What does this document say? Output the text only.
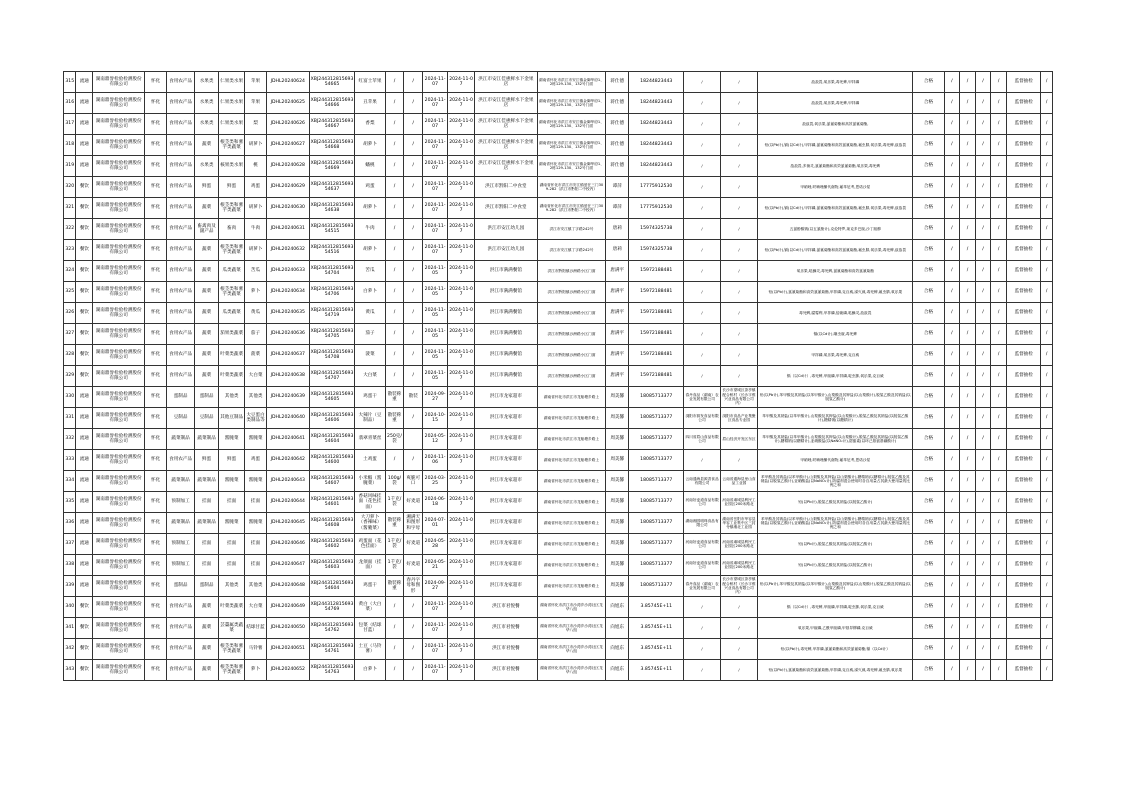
315	流通	湖南鼎誉检验检测股份有限公司	怀化	食用农产品	水果类	仁果类水果	苹果	JDHL20240624	XBJ24431281569354665	红富士苹果	/	/	2024-11-07	2024-11-07	洪江市安江佳惠鲜水下金果店	湖南省怀化市洪江市安江镇金御华府1、2栋129-130、132号门面	蒋仕德	18244823443	/	/	敌敌畏,氧乐果,毒死蜱,甲拌磷	合格	/	/	/	/	监督抽检	/
316	流通	湖南鼎誉检验检测股份有限公司	怀化	食用农产品	水果类	仁果类水果	苹果	JDHL20240625	XBJ24431281569354666	丑苹果	/	/	2024-11-07	2024-11-07	洪江市安江佳惠鲜水下金果店	湖南省怀化市洪江市安江镇金御华府1、2栋129-130、132号门面	蒋仕德	18244823443	/	/	敌敌畏,氧乐果,毒死蜱,甲拌磷	合格	/	/	/	/	监督抽检	/
317	流通	湖南鼎誉检验检测股份有限公司	怀化	食用农产品	水果类	仁果类水果	梨	JDHL20240626	XBJ24431281569354667	香梨	/	/	2024-11-07	2024-11-07	洪江市安江佳惠鲜水下金果店	湖南省怀化市洪江市安江镇金御华府1、2栋129-130、132号门面	蒋仕德	18244823443	/	/	敌敌畏,氧乐果,氯氰菊酯和高效氯氰菊酯,	合格	/	/	/	/	监督抽检	/
318	流通	湖南鼎誉检验检测股份有限公司	怀化	食用农产品	蔬菜	根茎类和薯芋类蔬菜	胡萝卜	JDHL20240627	XBJ24431281569354668	胡萝卜	/	/	2024-11-07	2024-11-07	洪江市安江佳惠鲜水下金果店	湖南省怀化市洪江市安江镇金御华府1、2栋129-130、132号门面	蒋仕德	18244823443	/	/	铅(以Pb计),镉(以Cd计),甲拌磷,氯氰菊酯和高效氯氰菊酯,氟虫腈,氧乐果,毒死蜱,敌敌畏	合格	/	/	/	/	监督抽检	/
319	流通	湖南鼎誉检验检测股份有限公司	怀化	食用农产品	水果类	核果类水果	桃	JDHL20240628	XBJ24431281569354669	蟠桃	/	/	2024-11-07	2024-11-07	洪江市安江佳惠鲜水下金果店	湖南省怀化市洪江市安江镇金御华府1、2栋129-130、132号门面	蒋仕德	18244823443	/	/	敌敌畏,多菌灵,氯氰菊酯和高效氯氰菊酯,氧乐果,毒死蜱	合格	/	/	/	/	监督抽检	/
320	餐饮	湖南鼎誉检验检测股份有限公司	怀化	食用农产品	鲜蛋	鲜蛋	鸡蛋	JDHL20240629	XBJ24431281569354637	鸡蛋	/	/	2024-11-07	2024-11-07	洪江市黔阳二中食堂	湖南省怀化市洪江市安江镇爱在三门309-282（洪江市黔阳二中校内）	谭萍	17775912530	/	/	甲硝唑,呋喃唑酮代谢物,氟苯尼考,恩诺沙星	合格	/	/	/	/	监督抽检	/
321	餐饮	湖南鼎誉检验检测股份有限公司	怀化	食用农产品	蔬菜	根茎类和薯芋类蔬菜	胡萝卜	JDHL20240630	XBJ24431281569354638	胡萝卜	/	/	2024-11-07	2024-11-07	洪江市黔阳二中食堂	湖南省怀化市洪江市安江镇爱在三门309-282（洪江市黔阳二中校内）	谭萍	17775912530	/	/	铅(以Pb计),镉(以Cd计),甲拌磷,氯氰菊酯和高效氯氰菊酯,氟虫腈,氧乐果,毒死蜱,敌敌畏	合格	/	/	/	/	监督抽检	/
322	餐饮	湖南鼎誉检验检测股份有限公司	怀化	食用农产品	畜禽肉及副产品	畜肉	牛肉	JDHL20240631	XBJ24431281569354515	牛肉	/	/	2024-11-07	2024-11-07	洪江市安江幼儿园	洪江市安江镇丁字路242号	唐莉	15974325738	/	/	五氯酚酸钠(以五氯酚计),克伦特罗,莱克多巴胺,沙丁胺醇	合格	/	/	/	/	监督抽检	/
323	餐饮	湖南鼎誉检验检测股份有限公司	怀化	食用农产品	蔬菜	根茎类和薯芋类蔬菜	胡萝卜	JDHL20240632	XBJ24431281569354516	胡萝卜	/	/	2024-11-07	2024-11-07	洪江市安江幼儿园	洪江市安江镇丁字路242号	唐莉	15974325738	/	/	铅(以Pb计),镉(以Cd计),甲拌磷,氯氰菊酯和高效氯氰菊酯,氟虫腈,氧乐果,毒死蜱,敌敌畏	合格	/	/	/	/	监督抽检	/
324	餐饮	湖南鼎誉检验检测股份有限公司	怀化	食用农产品	蔬菜	瓜类蔬菜	苦瓜	JDHL20240633	XBJ24431281569354704	苦瓜	/	/	2024-11-05	2024-11-07	洪江市满满餐馆	洪江市黔阳镇沙洲路小区门面	唐满平	15972188481	/	/	氧乐果,哒螨灵,毒死蜱,氯氰菊酯和高效氯氰菊酯	合格	/	/	/	/	监督抽检	/
325	餐饮	湖南鼎誉检验检测股份有限公司	怀化	食用农产品	蔬菜	根茎类和薯芋类蔬菜	萝卜	JDHL20240634	XBJ24431281569354706	白萝卜	/	/	2024-11-05	2024-11-07	洪江市满满餐馆	洪江市黔阳镇沙洲路小区门面	唐满平	15972188481	/	/	铅(以Pb计),氯氰菊酯和高效氯氰菊酯,甲拌磷,克百威,涕灭威,毒死蜱,氟虫腈,氧乐果	合格	/	/	/	/	监督抽检	/
326	餐饮	湖南鼎誉检验检测股份有限公司	怀化	食用农产品	蔬菜	瓜类蔬菜	黄瓜	JDHL20240635	XBJ24431281569354719	黄瓜	/	/	2024-11-05	2024-11-07	洪江市满满餐馆	洪江市黔阳镇沙洲路小区门面	唐满平	15972188481	/	/	毒死蜱,腐霉利,甲拌磷,倍硫磷,哒螨灵,敌敌畏	合格	/	/	/	/	监督抽检	/
327	餐饮	湖南鼎誉检验检测股份有限公司	怀化	食用农产品	蔬菜	茄果类蔬菜	茄子	JDHL20240636	XBJ24431281569354705	茄子	/	/	2024-11-05	2024-11-07	洪江市满满餐馆	洪江市黔阳镇沙洲路小区门面	唐满平	15972188481	/	/	镉(以Cd计),噻虫胺,毒死蜱	合格	/	/	/	/	监督抽检	/
328	餐饮	湖南鼎誉检验检测股份有限公司	怀化	食用农产品	蔬菜	叶菜类蔬菜	菠菜	JDHL20240637	XBJ24431281569354708	菠菜	/	/	2024-11-05	2024-11-07	洪江市满满餐馆	洪江市黔阳镇沙洲路小区门面	唐满平	15972188481	/	/	甲拌磷,氧乐果,毒死蜱,克百威	合格	/	/	/	/	监督抽检	/
329	餐饮	湖南鼎誉检验检测股份有限公司	怀化	食用农产品	蔬菜	叶菜类蔬菜	大白菜	JDHL20240638	XBJ24431281569354707	大白菜	/	/	2024-11-05	2024-11-07	洪江市满满餐馆	洪江市黔阳镇沙洲路小区门面	唐满平	15972188481	/	/	镉（以Cd计）,毒死蜱,甲胺磷,甲拌磷,啶虫脒,氧乐果,克百威	合格	/	/	/	/	监督抽检	/
330	流通	湖南鼎誉检验检测股份有限公司	怀化	蛋制品	蛋制品	其他类	其他类	JDHL20240639	XBJ24431281569354605	鸡蛋干	散装称重	散装	2024-09-27	2024-11-07	洪江市龙家超市	湖南省怀化市洪江市龙船塘乡路上	周美馨	18085713377	春丹食品（湖南）农业发展有限公司	长沙市望城区茶亭镇配合桥村（长沙宇维兴业食品有限公司内）	铅(以Pb计),苯甲酸及其钠盐(以苯甲酸计),山梨酸及其钾盐(以山梨酸计),脱氢乙酸及其钠盐(以脱氢乙酸计)	合格	/	/	/	/	监督抽检	/
331	流通	湖南鼎誉检验检测股份有限公司	怀化	豆制品	豆制品	其他豆制品	大豆蛋白类制品等	JDHL20240640	XBJ24431281569354606	大辣片（豆制品）	散装称重	/	2024-10-15	2024-11-07	洪江市龙家超市	湖南省怀化市洪江市龙船塘乡路上	周美馨	18085713377	浏阳市源发食品有限公司	浏阳市食品产业集聚区食品专业园	苯甲酸及其钠盐(以苯甲酸计),山梨酸及其钾盐(以山梨酸计),脱氢乙酸及其钠盐(以脱氢乙酸计),糖精钠(以糖精计)	合格	/	/	/	/	监督抽检	/
332	流通	湖南鼎誉检验检测股份有限公司	怀化	蔬菜制品	蔬菜制品	酱腌菜	酱腌菜	JDHL20240641	XBJ24431281569354604	翡翠青菜丝	250克/袋		2024-05-12	2024-11-07	洪江市龙家超市	湖南省怀化市洪江市龙船塘乡路上	周美馨	18085713377	四川省眉山食品有限公司	眉山经济开发区东区	苯甲酸及其钠盐(以苯甲酸计),山梨酸及其钾盐(以山梨酸计),脱氢乙酸及其钠盐(以脱氢乙酸计),糖精钠(以糖精计),亚硝酸盐(以NaNO₂计),甜蜜素(以环己基氨基磺酸计)	合格	/	/	/	/	监督抽检	/
333	流通	湖南鼎誉检验检测股份有限公司	怀化	食用农产品	鲜蛋	鲜蛋	鸡蛋	JDHL20240642	XBJ24431281569354600	土鸡蛋	/	/	2024-11-06	2024-11-07	洪江市龙家超市	湖南省怀化市洪江市龙船塘乡路上	周美馨	18085713377	/	/	甲硝唑,呋喃唑酮代谢物,氟苯尼考,恩诺沙星	合格	/	/	/	/	监督抽检	/
334	流通	湖南鼎誉检验检测股份有限公司	怀化	蔬菜制品	蔬菜制品	酱腌菜	酱腌菜	JDHL20240643	XBJ24431281569354607	小米椒（酱腌菜）	100g/袋	爽脆可口	2024-03-25	2024-11-07	洪江市龙家超市	湖南省怀化市洪江市龙船塘乡路上	周美馨	18085713377	云南通海县源香食品有限公司	云南省通海县里山食品工业园	苯甲酸及其钠盐(以苯甲酸计),山梨酸及其钾盐(以山梨酸计),糖精钠(以糖精计),脱氢乙酸及其钠盐(以脱氢乙酸计),亚硝酸盐(以NaNO₂计),防腐剂混合使用时各自用量占其最大使用量的比例之和	合格	/	/	/	/	监督抽检	/
335	流通	湖南鼎誉检验检测股份有限公司	怀化	预制加工	挂面	挂面	挂面	JDHL20240644	XBJ24431281569354601	香菇风味挂面（花色挂面）	1千克/袋	好麦道	2024-06-18	2024-11-07	洪江市龙家超市	湖南省怀化市洪江市龙船塘乡路上	周美馨	18085713377	河南好麦道食品有限公司	河南省虞城县利民工业园区200米路北	铅(以Pb计),脱氢乙酸及其钠盐(以脱氢乙酸计)	合格	/	/	/	/	监督抽检	/
336	流通	湖南鼎誉检验检测股份有限公司	怀化	蔬菜制品	蔬菜制品	酱腌菜	酱腌菜	JDHL20240645	XBJ24431281569354608	大刀萝卜（香辣味）（酱腌菜）	散装称重	湘满天和图形和字母	2024-07-01	2024-11-07	洪江市龙家超市	湖南省怀化市洪江市龙船塘乡路上	周美馨	18085713377	湖南湘园明珠食品有限公司	湖南省岳阳市华容县华容工业集中区三封寺镇湘北工业园	苯甲酸及其钠盐(以苯甲酸计),山梨酸及其钾盐(以山梨酸计),糖精钠(以糖精计),脱氢乙酸及其钠盐(以脱氢乙酸计),亚硝酸盐(以NaNO₂计),防腐剂混合使用时各自用量占其最大使用量的比例之和	合格	/	/	/	/	监督抽检	/
337	流通	湖南鼎誉检验检测股份有限公司	怀化	预制加工	挂面	挂面	挂面	JDHL20240646	XBJ24431281569354602	鸡蛋面（花色挂面）	1千克/袋	好麦道	2024-05-28	2024-11-07	洪江市龙家超市	湖南省怀化市洪江市龙船塘乡路上	周美馨	18085713377	河南好麦道食品有限公司	河南省虞城县利民工业园区200米路北	铅(以Pb计),脱氢乙酸及其钠盐(以脱氢乙酸计)	合格	/	/	/	/	监督抽检	/
338	流通	湖南鼎誉检验检测股份有限公司	怀化	预制加工	挂面	挂面	挂面	JDHL20240647	XBJ24431281569354603	龙须面（挂面）	1千克/袋	好麦道	2024-05-21	2024-11-07	洪江市龙家超市	湖南省怀化市洪江市龙船塘乡路上	周美馨	18085713377	河南好麦道食品有限公司	河南省虞城县利民工业园区200米路北	铅(以Pb计),脱氢乙酸及其钠盐(以脱氢乙酸计)	合格	/	/	/	/	监督抽检	/
339	流通	湖南鼎誉检验检测股份有限公司	怀化	蛋制品	蛋制品	其他类	其他类	JDHL20240648	XBJ24431281569354604	鸡蛋干	散装称重	春丹字母和图形	2024-09-27	2024-11-07	洪江市龙家超市	湖南省怀化市洪江市龙船塘乡路上	周美馨	18085713377	春丹食品（湖南）农业发展有限公司	长沙市望城区茶亭镇配合桥村（长沙宇维兴业食品有限公司内）	铅(以Pb计),苯甲酸及其钠盐(以苯甲酸计),山梨酸及其钾盐(以山梨酸计),脱氢乙酸及其钠盐(以脱氢乙酸计)	合格	/	/	/	/	监督抽检	/
340	餐饮	湖南鼎誉检验检测股份有限公司	怀化	食用农产品	蔬菜	叶菜类蔬菜	大白菜	JDHL20240649	XBJ24431281569354769	黄白（大白菜）	/	/	2024-11-07	2024-11-07	洪江市君悦餐	湖南省怀化市洪江市沙湾乡沙湾社区龙华八组	向旭东	3.85745E+11	/	/	镉（以Cd计）,毒死蜱,甲胺磷,甲拌磷,啶虫脒,氧乐果,克百威	合格	/	/	/	/	监督抽检	/
341	餐饮	湖南鼎誉检验检测股份有限公司	怀化	食用农产品	蔬菜	芸薹属类蔬菜	结球甘蓝	JDHL20240650	XBJ24431281569354762	包菜（结球甘蓝）	/	/	2024-11-07	2024-11-07	洪江市君悦餐	湖南省怀化市洪江市沙湾乡沙湾社区龙华八组	向旭东	3.85745E+11	/	/	氧乐果,甲胺磷,乙酰甲胺磷,甲基异柳磷,克百威	合格	/	/	/	/	监督抽检	/
342	餐饮	湖南鼎誉检验检测股份有限公司	怀化	食用农产品	蔬菜	根茎类和薯芋类蔬菜	马铃薯	JDHL20240651	XBJ24431281569354761	土豆（马铃薯）	/	/	2024-11-07	2024-11-07	洪江市君悦餐	湖南省怀化市洪江市沙湾乡沙湾社区龙华八组	向旭东	3.85745E+11	/	/	铅(以Pb计),毒死蜱,甲拌磷,氯氰菊酯和高效氯氰菊酯,镉（以Cd计）	合格	/	/	/	/	监督抽检	/
343	餐饮	湖南鼎誉检验检测股份有限公司	怀化	食用农产品	蔬菜	根茎类和薯芋类蔬菜	萝卜	JDHL20240652	XBJ24431281569354763	白萝卜	/	/	2024-11-07	2024-11-07	洪江市君悦餐	湖南省怀化市洪江市沙湾乡沙湾社区龙华八组	向旭东	3.85745E+11	/	/	铅(以Pb计),氯氰菊酯和高效氯氰菊酯,甲拌磷,克百威,涕灭威,毒死蜱,氟虫腈,氧乐果	合格	/	/	/	/	监督抽检	/
